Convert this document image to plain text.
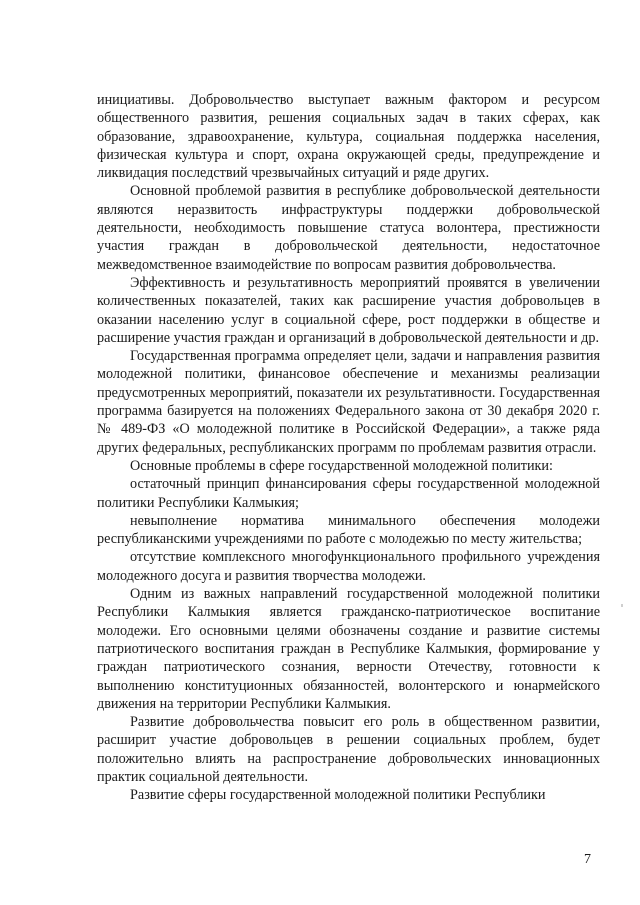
инициативы. Добровольчество выступает важным фактором и ресурсом общественного развития, решения социальных задач в таких сферах, как образование, здравоохранение, культура, социальная поддержка населения, физическая культура и спорт, охрана окружающей среды, предупреждение и ликвидация последствий чрезвычайных ситуаций и ряде других.

Основной проблемой развития в республике добровольческой деятельности являются неразвитость инфраструктуры поддержки добровольческой деятельности, необходимость повышение статуса волонтера, престижности участия граждан в добровольческой деятельности, недостаточное межведомственное взаимодействие по вопросам развития добровольчества.

Эффективность и результативность мероприятий проявятся в увеличении количественных показателей, таких как расширение участия добровольцев в оказании населению услуг в социальной сфере, рост поддержки в обществе и расширение участия граждан и организаций в добровольческой деятельности и др.

Государственная программа определяет цели, задачи и направления развития молодежной политики, финансовое обеспечение и механизмы реализации предусмотренных мероприятий, показатели их результативности. Государственная программа базируется на положениях Федерального закона от 30 декабря 2020 г. № 489-ФЗ «О молодежной политике в Российской Федерации», а также ряда других федеральных, республиканских программ по проблемам развития отрасли.

Основные проблемы в сфере государственной молодежной политики:

остаточный принцип финансирования сферы государственной молодежной политики Республики Калмыкия;

невыполнение норматива минимального обеспечения молодежи республиканскими учреждениями по работе с молодежью по месту жительства;

отсутствие комплексного многофункционального профильного учреждения молодежного досуга и развития творчества молодежи.

Одним из важных направлений государственной молодежной политики Республики Калмыкия является гражданско-патриотическое воспитание молодежи. Его основными целями обозначены создание и развитие системы патриотического воспитания граждан в Республике Калмыкия, формирование у граждан патриотического сознания, верности Отечеству, готовности к выполнению конституционных обязанностей, волонтерского и юнармейского движения на территории Республики Калмыкия.

Развитие добровольчества повысит его роль в общественном развитии, расширит участие добровольцев в решении социальных проблем, будет положительно влиять на распространение добровольческих инновационных практик социальной деятельности.

Развитие сферы государственной молодежной политики Республики

7
